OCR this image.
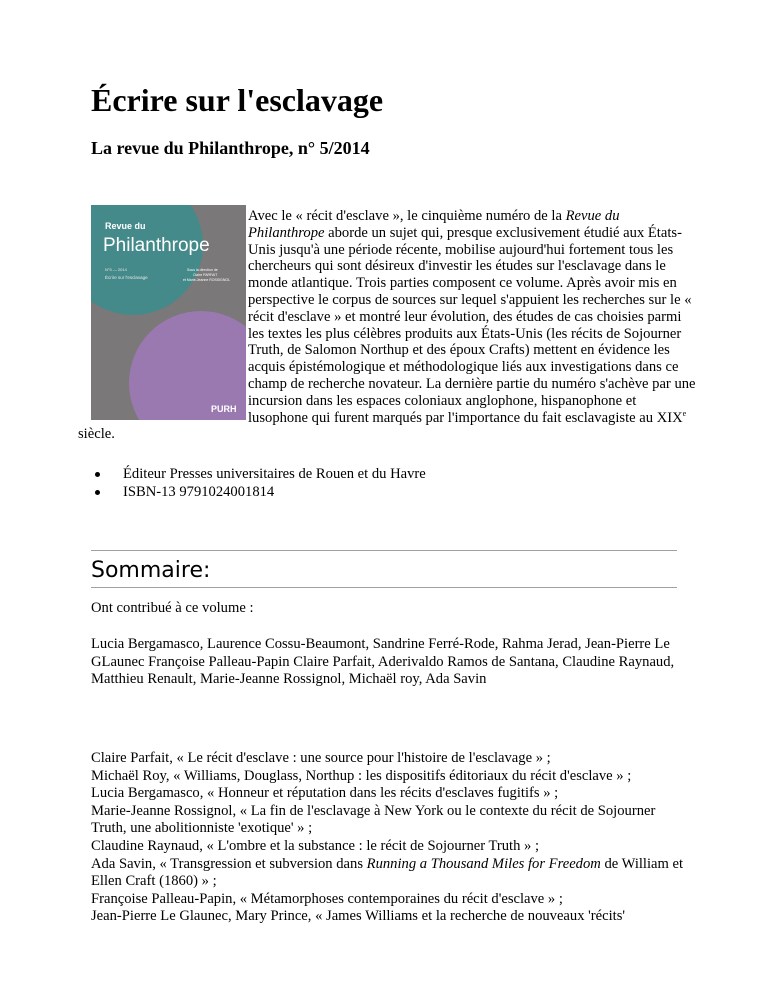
Écrire sur l'esclavage
La revue du Philanthrope, n° 5/2014
Revue du
Philanthrope
N°5 — 2014
Écrire sur l'esclavage
Sous la direction de
Claire PARFAIT
et Marie-Jeanne ROSSIGNOL
PURH
Avec le « récit d'esclave », le cinquième numéro de la Revue du Philanthrope aborde un sujet qui, presque exclusivement étudié aux États-Unis jusqu'à une période récente, mobilise aujourd'hui fortement tous les chercheurs qui sont désireux d'investir les études sur l'esclavage dans le monde atlantique. Trois parties composent ce volume. Après avoir mis en perspective le corpus de sources sur lequel s'appuient les recherches sur le « récit d'esclave » et montré leur évolution, des études de cas choisies parmi les textes les plus célèbres produits aux États-Unis (les récits de Sojourner Truth, de Salomon Northup et des époux Crafts) mettent en évidence les acquis épistémologique et méthodologique liés aux investigations dans ce champ de recherche novateur. La dernière partie du numéro s'achève par une incursion dans les espaces coloniaux anglophone, hispanophone et lusophone qui furent marqués par l'importance du fait esclavagiste au XIXe siècle.
Éditeur Presses universitaires de Rouen et du Havre
ISBN-13 9791024001814
Sommaire:

Ont contribué à ce volume :

Lucia Bergamasco, Laurence Cossu-Beaumont, Sandrine Ferré-Rode, Rahma Jerad, Jean-Pierre Le GLaunec Françoise Palleau-Papin Claire Parfait, Aderivaldo Ramos de Santana, Claudine Raynaud, Matthieu Renault, Marie-Jeanne Rossignol, Michaël roy, Ada Savin

Claire Parfait, « Le récit d'esclave : une source pour l'histoire de l'esclavage » ;
Michaël Roy, « Williams, Douglass, Northup : les dispositifs éditoriaux du récit d'esclave » ;
Lucia Bergamasco, « Honneur et réputation dans les récits d'esclaves fugitifs » ;
Marie-Jeanne Rossignol, « La fin de l'esclavage à New York ou le contexte du récit de Sojourner Truth, une abolitionniste 'exotique' » ;
Claudine Raynaud, « L'ombre et la substance : le récit de Sojourner Truth » ;
Ada Savin, « Transgression et subversion dans Running a Thousand Miles for Freedom de William et Ellen Craft (1860) » ;
Françoise Palleau-Papin, « Métamorphoses contemporaines du récit d'esclave » ;
Jean-Pierre Le Glaunec, Mary Prince, « James Williams et la recherche de nouveaux 'récits'
